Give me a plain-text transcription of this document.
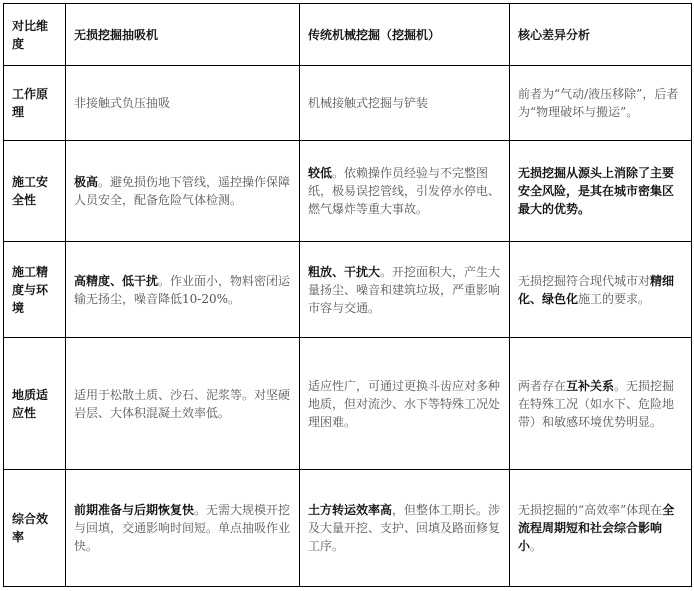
对比维度	无损挖掘抽吸机	传统机械挖掘（挖掘机）	核心差异分析
工作原理	非接触式负压抽吸	机械接触式挖掘与铲装	前者为“气动/液压移除”，后者为“物理破坏与搬运”。
施工安全性	极高。避免损伤地下管线，遥控操作保障人员安全，配备危险气体检测。	较低。依赖操作员经验与不完整图纸，极易误挖管线，引发停水停电、燃气爆炸等重大事故。	无损挖掘从源头上消除了主要安全风险，是其在城市密集区最大的优势。
施工精度与环境	高精度、低干扰。作业面小，物料密闭运输无扬尘，噪音降低10-20%。	粗放、干扰大。开挖面积大，产生大量扬尘、噪音和建筑垃圾，严重影响市容与交通。	无损挖掘符合现代城市对精细化、绿色化施工的要求。
地质适应性	适用于松散土质、沙石、泥浆等。对坚硬岩层、大体积混凝土效率低。	适应性广，可通过更换斗齿应对多种地质，但对流沙、水下等特殊工况处理困难。	两者存在互补关系。无损挖掘在特殊工况（如水下、危险地带）和敏感环境优势明显。
综合效率	前期准备与后期恢复快。无需大规模开挖与回填，交通影响时间短。单点抽吸作业快。	土方转运效率高，但整体工期长。涉及大量开挖、支护、回填及路面修复工序。	无损挖掘的“高效率”体现在全流程周期短和社会综合影响小。
